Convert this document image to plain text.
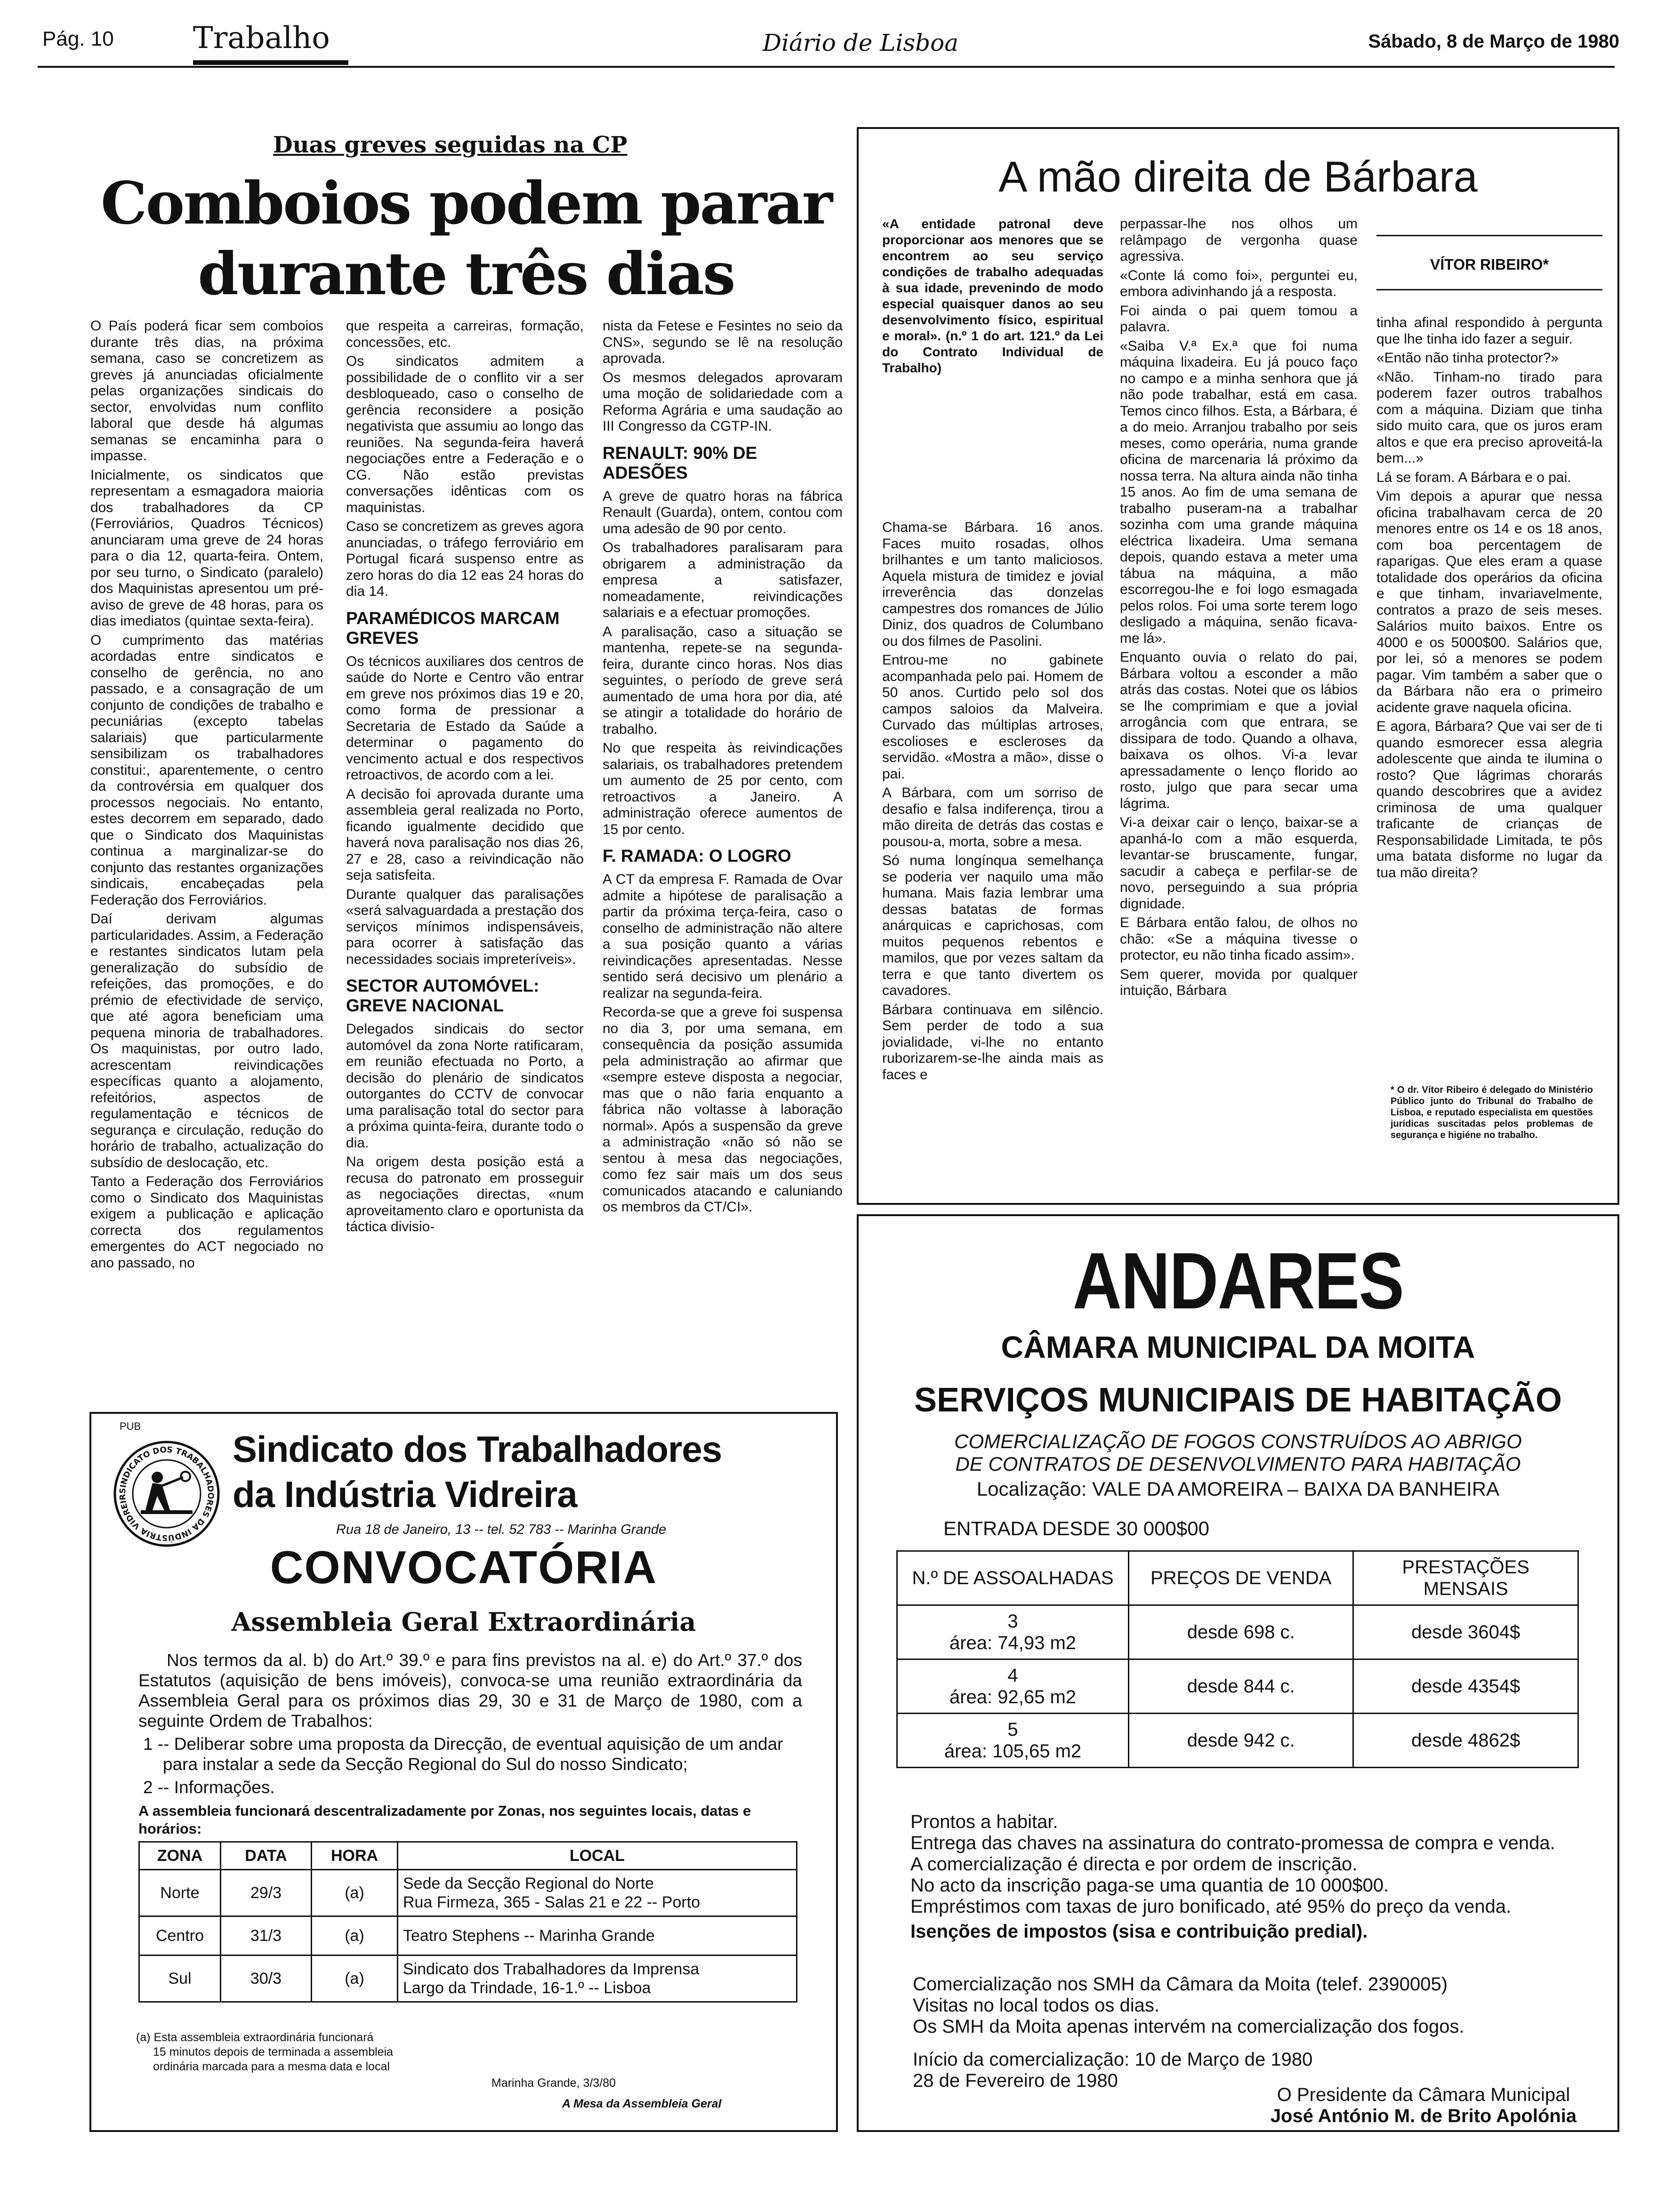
Pág. 10	Trabalho	Diário de Lisboa	Sábado, 8 de Março de 1980
Duas greves seguidas na CP
Comboios podem parar
durante três dias

O País poderá ficar sem comboios durante três dias, na próxima semana, caso se concretizem as greves já anunciadas oficialmente pelas organizações sindicais do sector, envolvidas num conflito laboral que desde há algumas semanas se encaminha para o impasse.

Inicialmente, os sindicatos que representam a esmagadora maioria dos trabalhadores da CP (Ferroviários, Quadros Técnicos) anunciaram uma greve de 24 horas para o dia 12, quarta-feira. Ontem, por seu turno, o Sindicato (paralelo) dos Maquinistas apresentou um pré-aviso de greve de 48 horas, para os dias imediatos (quintae sexta-feira).

O cumprimento das matérias acordadas entre sindicatos e conselho de gerência, no ano passado, e a consagração de um conjunto de condições de trabalho e pecuniárias (excepto tabelas salariais) que particularmente sensibilizam os trabalhadores constitui:, aparentemente, o centro da controvérsia em qualquer dos processos negociais. No entanto, estes decorrem em separado, dado que o Sindicato dos Maquinistas continua a marginalizar-se do conjunto das restantes organizações sindicais, encabeçadas pela Federação dos Ferroviários.

Daí derivam algumas particularidades. Assim, a Federação e restantes sindicatos lutam pela generalização do subsídio de refeições, das promoções, e do prémio de efectividade de serviço, que até agora beneficiam uma pequena minoria de trabalhadores. Os maquinistas, por outro lado, acrescentam reivindicações específicas quanto a alojamento, refeitórios, aspectos de regulamentação e técnicos de segurança e circulação, redução do horário de trabalho, actualização do subsídio de deslocação, etc.

Tanto a Federação dos Ferroviários como o Sindicato dos Maquinistas exigem a publicação e aplicação correcta dos regulamentos emergentes do ACT negociado no ano passado, no

que respeita a carreiras, formação, concessões, etc.

Os sindicatos admitem a possibilidade de o conflito vir a ser desbloqueado, caso o conselho de gerência reconsidere a posição negativista que assumiu ao longo das reuniões. Na segunda-feira haverá negociações entre a Federação e o CG. Não estão previstas conversações idênticas com os maquinistas.

Caso se concretizem as greves agora anunciadas, o tráfego ferroviário em Portugal ficará suspenso entre as zero horas do dia 12 eas 24 horas do dia 14.

PARAMÉDICOS MARCAM GREVES

Os técnicos auxiliares dos centros de saúde do Norte e Centro vão entrar em greve nos próximos dias 19 e 20, como forma de pressionar a Secretaria de Estado da Saúde a determinar o pagamento do vencimento actual e dos respectivos retroactivos, de acordo com a lei.

A decisão foi aprovada durante uma assembleia geral realizada no Porto, ficando igualmente decidido que haverá nova paralisação nos dias 26, 27 e 28, caso a reivindicação não seja satisfeita.

Durante qualquer das paralisações «será salvaguardada a prestação dos serviços mínimos indispensáveis, para ocorrer à satisfação das necessidades sociais impreteríveis».

SECTOR AUTOMÓVEL: GREVE NACIONAL

Delegados sindicais do sector automóvel da zona Norte ratificaram, em reunião efectuada no Porto, a decisão do plenário de sindicatos outorgantes do CCTV de convocar uma paralisação total do sector para a próxima quinta-feira, durante todo o dia.

Na origem desta posição está a recusa do patronato em prosseguir as negociações directas, «num aproveitamento claro e oportunista da táctica divisio-

nista da Fetese e Fesintes no seio da CNS», segundo se lê na resolução aprovada.

Os mesmos delegados aprovaram uma moção de solidariedade com a Reforma Agrária e uma saudação ao III Congresso da CGTP-IN.

RENAULT: 90% DE ADESÕES

A greve de quatro horas na fábrica Renault (Guarda), ontem, contou com uma adesão de 90 por cento.

Os trabalhadores paralisaram para obrigarem a administração da empresa a satisfazer, nomeadamente, reivindicações salariais e a efectuar promoções.

A paralisação, caso a situação se mantenha, repete-se na segunda-feira, durante cinco horas. Nos dias seguintes, o período de greve será aumentado de uma hora por dia, até se atingir a totalidade do horário de trabalho.

No que respeita às reivindicações salariais, os trabalhadores pretendem um aumento de 25 por cento, com retroactivos a Janeiro. A administração oferece aumentos de 15 por cento.

F. RAMADA: O LOGRO

A CT da empresa F. Ramada de Ovar admite a hipótese de paralisação a partir da próxima terça-feira, caso o conselho de administração não altere a sua posição quanto a várias reivindicações apresentadas. Nesse sentido será decisivo um plenário a realizar na segunda-feira.

Recorda-se que a greve foi suspensa no dia 3, por uma semana, em consequência da posição assumida pela administração ao afirmar que «sempre esteve disposta a negociar, mas que o não faria enquanto a fábrica não voltasse à laboração normal». Após a suspensão da greve a administração «não só não se sentou à mesa das negociações, como fez sair mais um dos seus comunicados atacando e caluniando os membros da CT/CI».

A mão direita de Bárbara
«A entidade patronal deve proporcionar aos menores que se encontrem ao seu serviço condições de trabalho adequadas à sua idade, prevenindo de modo especial quaisquer danos ao seu desenvolvimento físico, espiritual e moral». (n.º 1 do art. 121.º da Lei do Contrato Individual de Trabalho)

Chama-se Bárbara. 16 anos. Faces muito rosadas, olhos brilhantes e um tanto maliciosos. Aquela mistura de timidez e jovial irreverência das donzelas campestres dos romances de Júlio Diniz, dos quadros de Columbano ou dos filmes de Pasolini.

Entrou-me no gabinete acompanhada pelo pai. Homem de 50 anos. Curtido pelo sol dos campos saloios da Malveira. Curvado das múltiplas artroses, escolioses e escleroses da servidão. «Mostra a mão», disse o pai.

A Bárbara, com um sorriso de desafio e falsa indiferença, tirou a mão direita de detrás das costas e pousou-a, morta, sobre a mesa.

Só numa longínqua semelhança se poderia ver naquilo uma mão humana. Mais fazia lembrar uma dessas batatas de formas anárquicas e caprichosas, com muitos pequenos rebentos e mamilos, que por vezes saltam da terra e que tanto divertem os cavadores.

Bárbara continuava em silêncio. Sem perder de todo a sua jovialidade, vi-lhe no entanto ruborizarem-se-lhe ainda mais as faces e

perpassar-lhe nos olhos um relâmpago de vergonha quase agressiva.

«Conte lá como foi», perguntei eu, embora adivinhando já a resposta.

Foi ainda o pai quem tomou a palavra.

«Saiba V.ª Ex.ª que foi numa máquina lixadeira. Eu já pouco faço no campo e a minha senhora que já não pode trabalhar, está em casa. Temos cinco filhos. Esta, a Bárbara, é a do meio. Arranjou trabalho por seis meses, como operária, numa grande oficina de marcenaria lá próximo da nossa terra. Na altura ainda não tinha 15 anos. Ao fim de uma semana de trabalho puseram-na a trabalhar sozinha com uma grande máquina eléctrica lixadeira. Uma semana depois, quando estava a meter uma tábua na máquina, a mão escorregou-lhe e foi logo esmagada pelos rolos. Foi uma sorte terem logo desligado a máquina, senão ficava-me lá».

Enquanto ouvia o relato do pai, Bárbara voltou a esconder a mão atrás das costas. Notei que os lábios se lhe comprimiam e que a jovial arrogância com que entrara, se dissipara de todo. Quando a olhava, baixava os olhos. Vi-a levar apressadamente o lenço florido ao rosto, julgo que para secar uma lágrima.

Vi-a deixar cair o lenço, baixar-se a apanhá-lo com a mão esquerda, levantar-se bruscamente, fungar, sacudir a cabeça e perfilar-se de novo, perseguindo a sua própria dignidade.

E Bárbara então falou, de olhos no chão: «Se a máquina tivesse o protector, eu não tinha ficado assim».

Sem querer, movida por qualquer intuição, Bárbara

VÍTOR RIBEIRO*

tinha afinal respondido à pergunta que lhe tinha ido fazer a seguir.

«Então não tinha protector?»

«Não. Tinham-no tirado para poderem fazer outros trabalhos com a máquina. Diziam que tinha sido muito cara, que os juros eram altos e que era preciso aproveitá-la bem...»

Lá se foram. A Bárbara e o pai.

Vim depois a apurar que nessa oficina trabalhavam cerca de 20 menores entre os 14 e os 18 anos, com boa percentagem de raparigas. Que eles eram a quase totalidade dos operários da oficina e que tinham, invariavelmente, contratos a prazo de seis meses. Salários muito baixos. Entre os 4000 e os 5000$00. Salários que, por lei, só a menores se podem pagar. Vim também a saber que o da Bárbara não era o primeiro acidente grave naquela oficina.

E agora, Bárbara? Que vai ser de ti quando esmorecer essa alegria adolescente que ainda te ilumina o rosto? Que lágrimas chorarás quando descobrires que a avidez criminosa de uma qualquer traficante de crianças de Responsabilidade Limitada, te pôs uma batata disforme no lugar da tua mão direita?

* O dr. Vítor Ribeiro é delegado do Ministério Público junto do Tribunal do Trabalho de Lisboa, e reputado especialista em questões jurídicas suscitadas pelos problemas de segurança e higiéne no trabalho.
PUB
SINDICATO DOS TRABALHADORES DA INDÚSTRIA VIDREIR
Sindicato dos Trabalhadores
da Indústria Vidreira
Rua 18 de Janeiro, 13 -- tel. 52 783 -- Marinha Grande
CONVOCATÓRIA
Assembleia Geral Extraordinária
Nos termos da al. b) do Art.º 39.º e para fins previstos na al. e) do Art.º 37.º dos Estatutos (aquisição de bens imóveis), convoca-se uma reunião extraordinária da Assembleia Geral para os próximos dias 29, 30 e 31 de Março de 1980, com a seguinte Ordem de Trabalhos:
1 -- Deliberar sobre uma proposta da Direcção, de eventual aquisição de um andar para instalar a sede da Secção Regional do Sul do nosso Sindicato;
2 -- Informações.
A assembleia funcionará descentralizadamente por Zonas, nos seguintes locais, datas e horários:
ZONA	DATA	HORA	LOCAL
Norte	29/3	(a)	Sede da Secção Regional do Norte
Rua Firmeza, 365 - Salas 21 e 22 -- Porto

Centro	31/3	(a)	Teatro Stephens -- Marinha Grande

Sul	30/3	(a)	Sindicato dos Trabalhadores da Imprensa
Largo da Trindade, 16-1.º -- Lisboa
(a) Esta assembleia extraordinária funcionará
15 minutos depois de terminada a assembleia
ordinária marcada para a mesma data e local
Marinha Grande, 3/3/80
A Mesa da Assembleia Geral
ANDARES
CÂMARA MUNICIPAL DA MOITA
SERVIÇOS MUNICIPAIS DE HABITAÇÃO
COMERCIALIZAÇÃO DE FOGOS CONSTRUÍDOS AO ABRIGO
DE CONTRATOS DE DESENVOLVIMENTO PARA HABITAÇÃO
Localização: VALE DA AMOREIRA – BAIXA DA BANHEIRA
ENTRADA DESDE 30 000$00
N.º DE ASSOALHADAS	PREÇOS DE VENDA	PRESTAÇÕES MENSAIS

3
área: 74,93 m2	desde 698 c.	desde 3604$

4
área: 92,65 m2	desde 844 c.	desde 4354$

5
área: 105,65 m2	desde 942 c.	desde 4862$
Prontos a habitar.
Entrega das chaves na assinatura do contrato-promessa de compra e venda.
A comercialização é directa e por ordem de inscrição.
No acto da inscrição paga-se uma quantia de 10 000$00.
Empréstimos com taxas de juro bonificado, até 95% do preço da venda.
Isenções de impostos (sisa e contribuição predial).
Comercialização nos SMH da Câmara da Moita (telef. 2390005)
Visitas no local todos os dias.
Os SMH da Moita apenas intervém na comercialização dos fogos.
Início da comercialização: 10 de Março de 1980
28 de Fevereiro de 1980
O Presidente da Câmara Municipal
José António M. de Brito Apolónia
